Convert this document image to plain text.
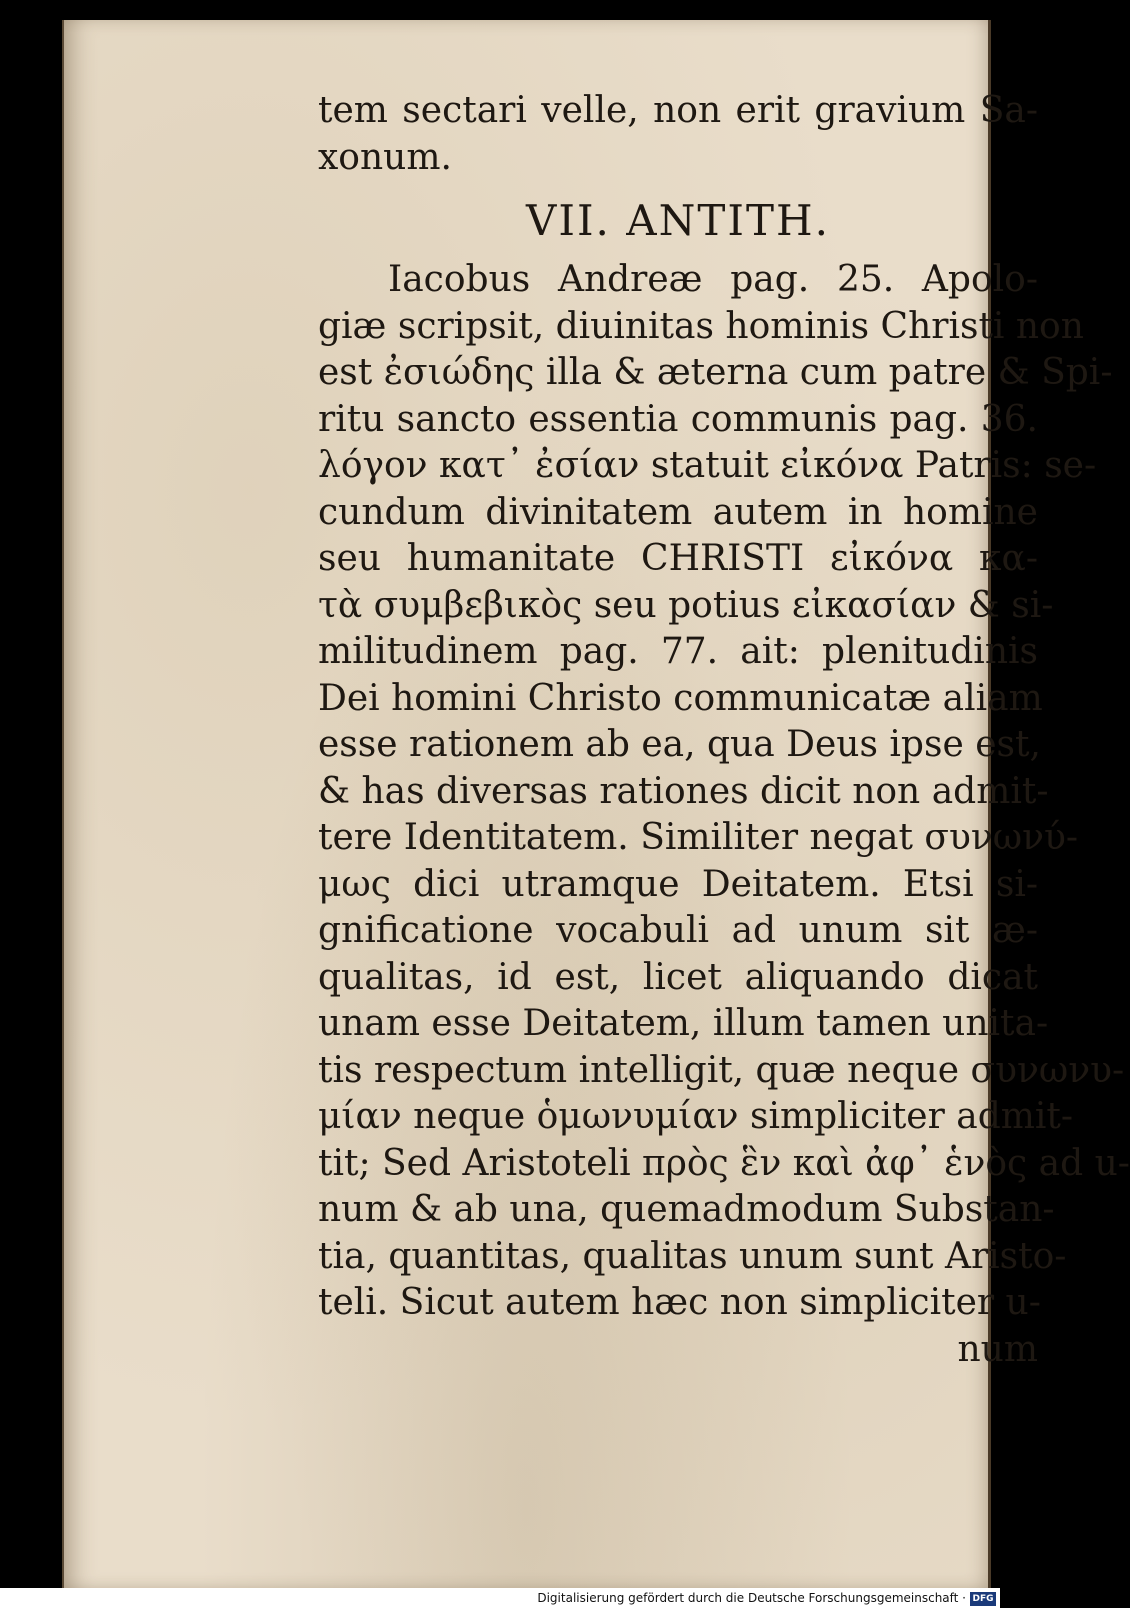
tem sectari velle, non erit gravium Sa-
xonum.
VII. ANTITH.
Iacobus Andreæ pag. 25. Apolo-
giæ scripsit, diuinitas hominis Christi non
est ἐσιώδης illa & æterna cum patre & Spi-
ritu sancto essentia communis pag. 36.
λόγον κατ᾽ ἐσίαν statuit εἰκόνα Patris: se-
cundum divinitatem autem in homine
seu humanitate CHRISTI εἰκόνα κα-
τὰ συμβεβικὸς seu potius εἰκασίαν & si-
militudinem pag. 77. ait: plenitudinis
Dei homini Christo communicatæ aliam
esse rationem ab ea, qua Deus ipse est,
& has diversas rationes dicit non admit-
tere Identitatem. Similiter negat συνωνύ-
μως dici utramque Deitatem. Etsi si-
gnificatione vocabuli ad unum sit æ-
qualitas, id est, licet aliquando dicat
unam esse Deitatem, illum tamen unita-
tis respectum intelligit, quæ neque συνωνυ-
μίαν neque ὁμωνυμίαν simpliciter admit-
tit; Sed Aristoteli πρὸς ἓν καὶ ἀφ᾽ ἑνὸς ad u-
num & ab una, quemadmodum Substan-
tia, quantitas, qualitas unum sunt Aristo-
teli. Sicut autem hæc non simpliciter u-
num
Digitalisierung gefördert durch die Deutsche Forschungsgemeinschaft · DFG
